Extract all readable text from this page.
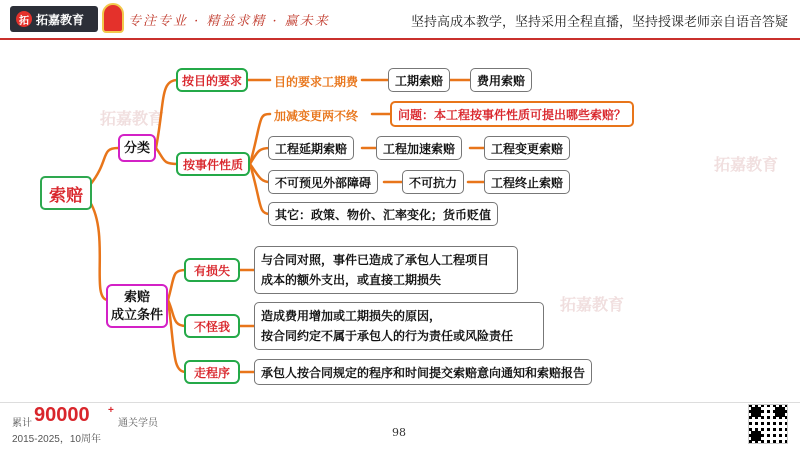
拓 拓嘉教育	专注专业 · 精益求精 · 赢未来	坚持高成本教学，坚持采用全程直播，坚持授课老师亲自语音答疑
拓嘉教育
拓嘉教育
拓嘉教育
索赔
分类
按目的要求	目的要求工期费	工期索赔	费用索赔
按事件性质
加减变更两不终	问题：本工程按事件性质可提出哪些索赔？
工程延期索赔	工程加速索赔	工程变更索赔
不可预见外部障碍	不可抗力	工程终止索赔
其它：政策、物价、汇率变化；货币贬值
索赔
成立条件
有损失
与合同对照，事件已造成了承包人工程项目
成本的额外支出，或直接工期损失
不怪我
造成费用增加或工期损失的原因，
按合同约定不属于承包人的行为责任或风险责任
走程序	承包人按合同规定的程序和时间提交索赔意向通知和索赔报告
累计 90000 +
通关学员
2015-2025，10周年
98
